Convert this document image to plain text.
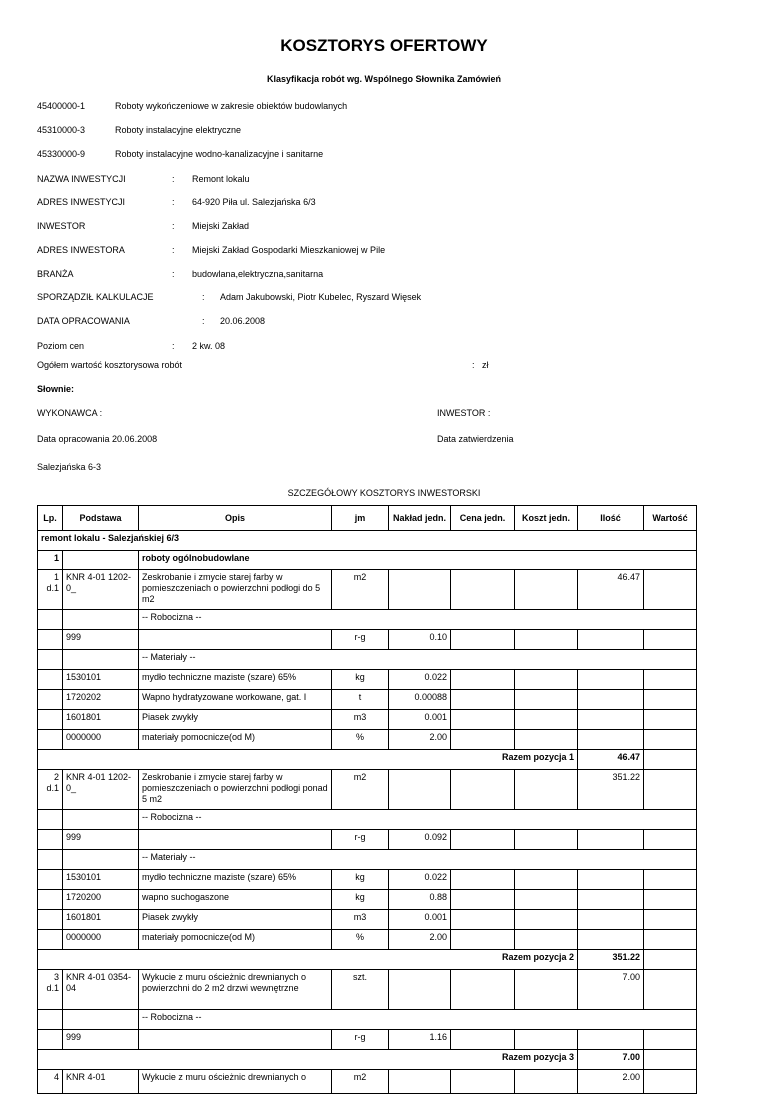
KOSZTORYS OFERTOWY
Klasyfikacja robót wg. Wspólnego Słownika Zamówień
45400000-1	Roboty wykończeniowe w zakresie obiektów budowlanych
45310000-3	Roboty instalacyjne elektryczne
45330000-9	Roboty instalacyjne wodno-kanalizacyjne i sanitarne
NAZWA INWESTYCJI	: Remont lokalu
ADRES INWESTYCJI	: 64-920 Piła ul. Salezjańska 6/3
INWESTOR	: Miejski Zakład
ADRES INWESTORA	: Miejski Zakład Gospodarki Mieszkaniowej w Pile
BRANŻA	: budowlana,elektryczna,sanitarna
SPORZĄDZIŁ KALKULACJE	: Adam Jakubowski, Piotr Kubelec, Ryszard Więsek
DATA OPRACOWANIA	: 20.06.2008
Poziom cen	: 2 kw. 08
Ogółem wartość kosztorysowa robót	: zł
Słownie:
WYKONAWCA :	INWESTOR :
Data opracowania 20.06.2008	Data zatwierdzenia
Salezjańska 6-3
SZCZEGÓŁOWY KOSZTORYS INWESTORSKI
Lp.	Podstawa	Opis	jm	Nakład jedn.	Cena jedn.	Koszt jedn.	Ilość	Wartość
remont lokalu - Salezjańskiej 6/3								
1		roboty ogólnobudowlane						

1
d.1	KNR 4-01 1202-0_	Zeskrobanie i zmycie starej farby w pomieszczeniach o powierzchni podłogi do 5 m2	m2				46.47	
		-- Robocizna --						
	999		r-g	0.10				
		-- Materiały --						
	1530101	mydło techniczne maziste (szare) 65%	kg	0.022				
	1720202	Wapno hydratyzowane workowane, gat. I	t	0.00088				
	1601801	Piasek zwykły	m3	0.001				
	0000000	materiały pomocnicze(od M)	%	2.00				
Razem pozycja 1							46.47	

2
d.1	KNR 4-01 1202-0_	Zeskrobanie i zmycie starej farby w pomieszczeniach o powierzchni podłogi ponad 5 m2	m2				351.22	
		-- Robocizna --						
	999		r-g	0.092				
		-- Materiały --						
	1530101	mydło techniczne maziste (szare) 65%	kg	0.022				
	1720200	wapno suchogaszone	kg	0.88				
	1601801	Piasek zwykły	m3	0.001				
	0000000	materiały pomocnicze(od M)	%	2.00				
Razem pozycja 2							351.22	

3
d.1	KNR 4-01 0354-04	Wykucie z muru ościeżnic drewnianych o powierzchni do 2 m2 drzwi wewnętrzne	szt.				7.00	
		-- Robocizna --						
	999		r-g	1.16				
Razem pozycja 3							7.00	
4	KNR 4-01	Wykucie z muru ościeżnic drewnianych o	m2				2.00	
